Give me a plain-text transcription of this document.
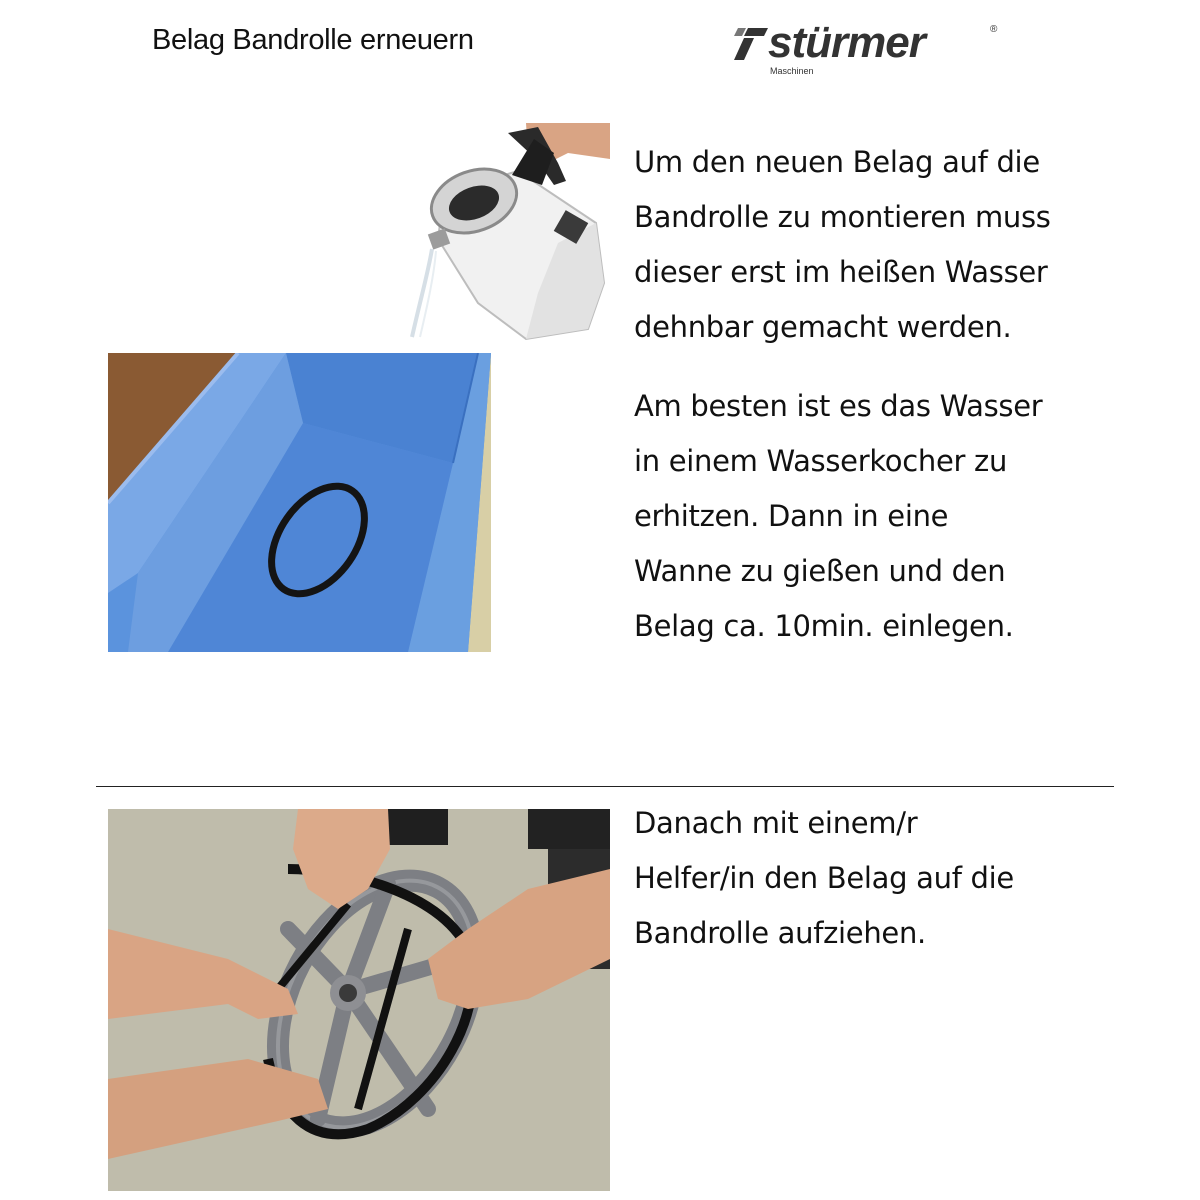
Belag Bandrolle erneuern	stürmer	®
Maschinen
Um den neuen Belag auf die
Bandrolle zu montieren muss
dieser erst im heißen Wasser
dehnbar gemacht werden.
Am besten ist es das Wasser
in einem Wasserkocher zu
erhitzen. Dann in eine
Wanne zu gießen und den
Belag ca. 10min. einlegen.
Danach mit einem/r
Helfer/in den Belag auf die
Bandrolle aufziehen.
